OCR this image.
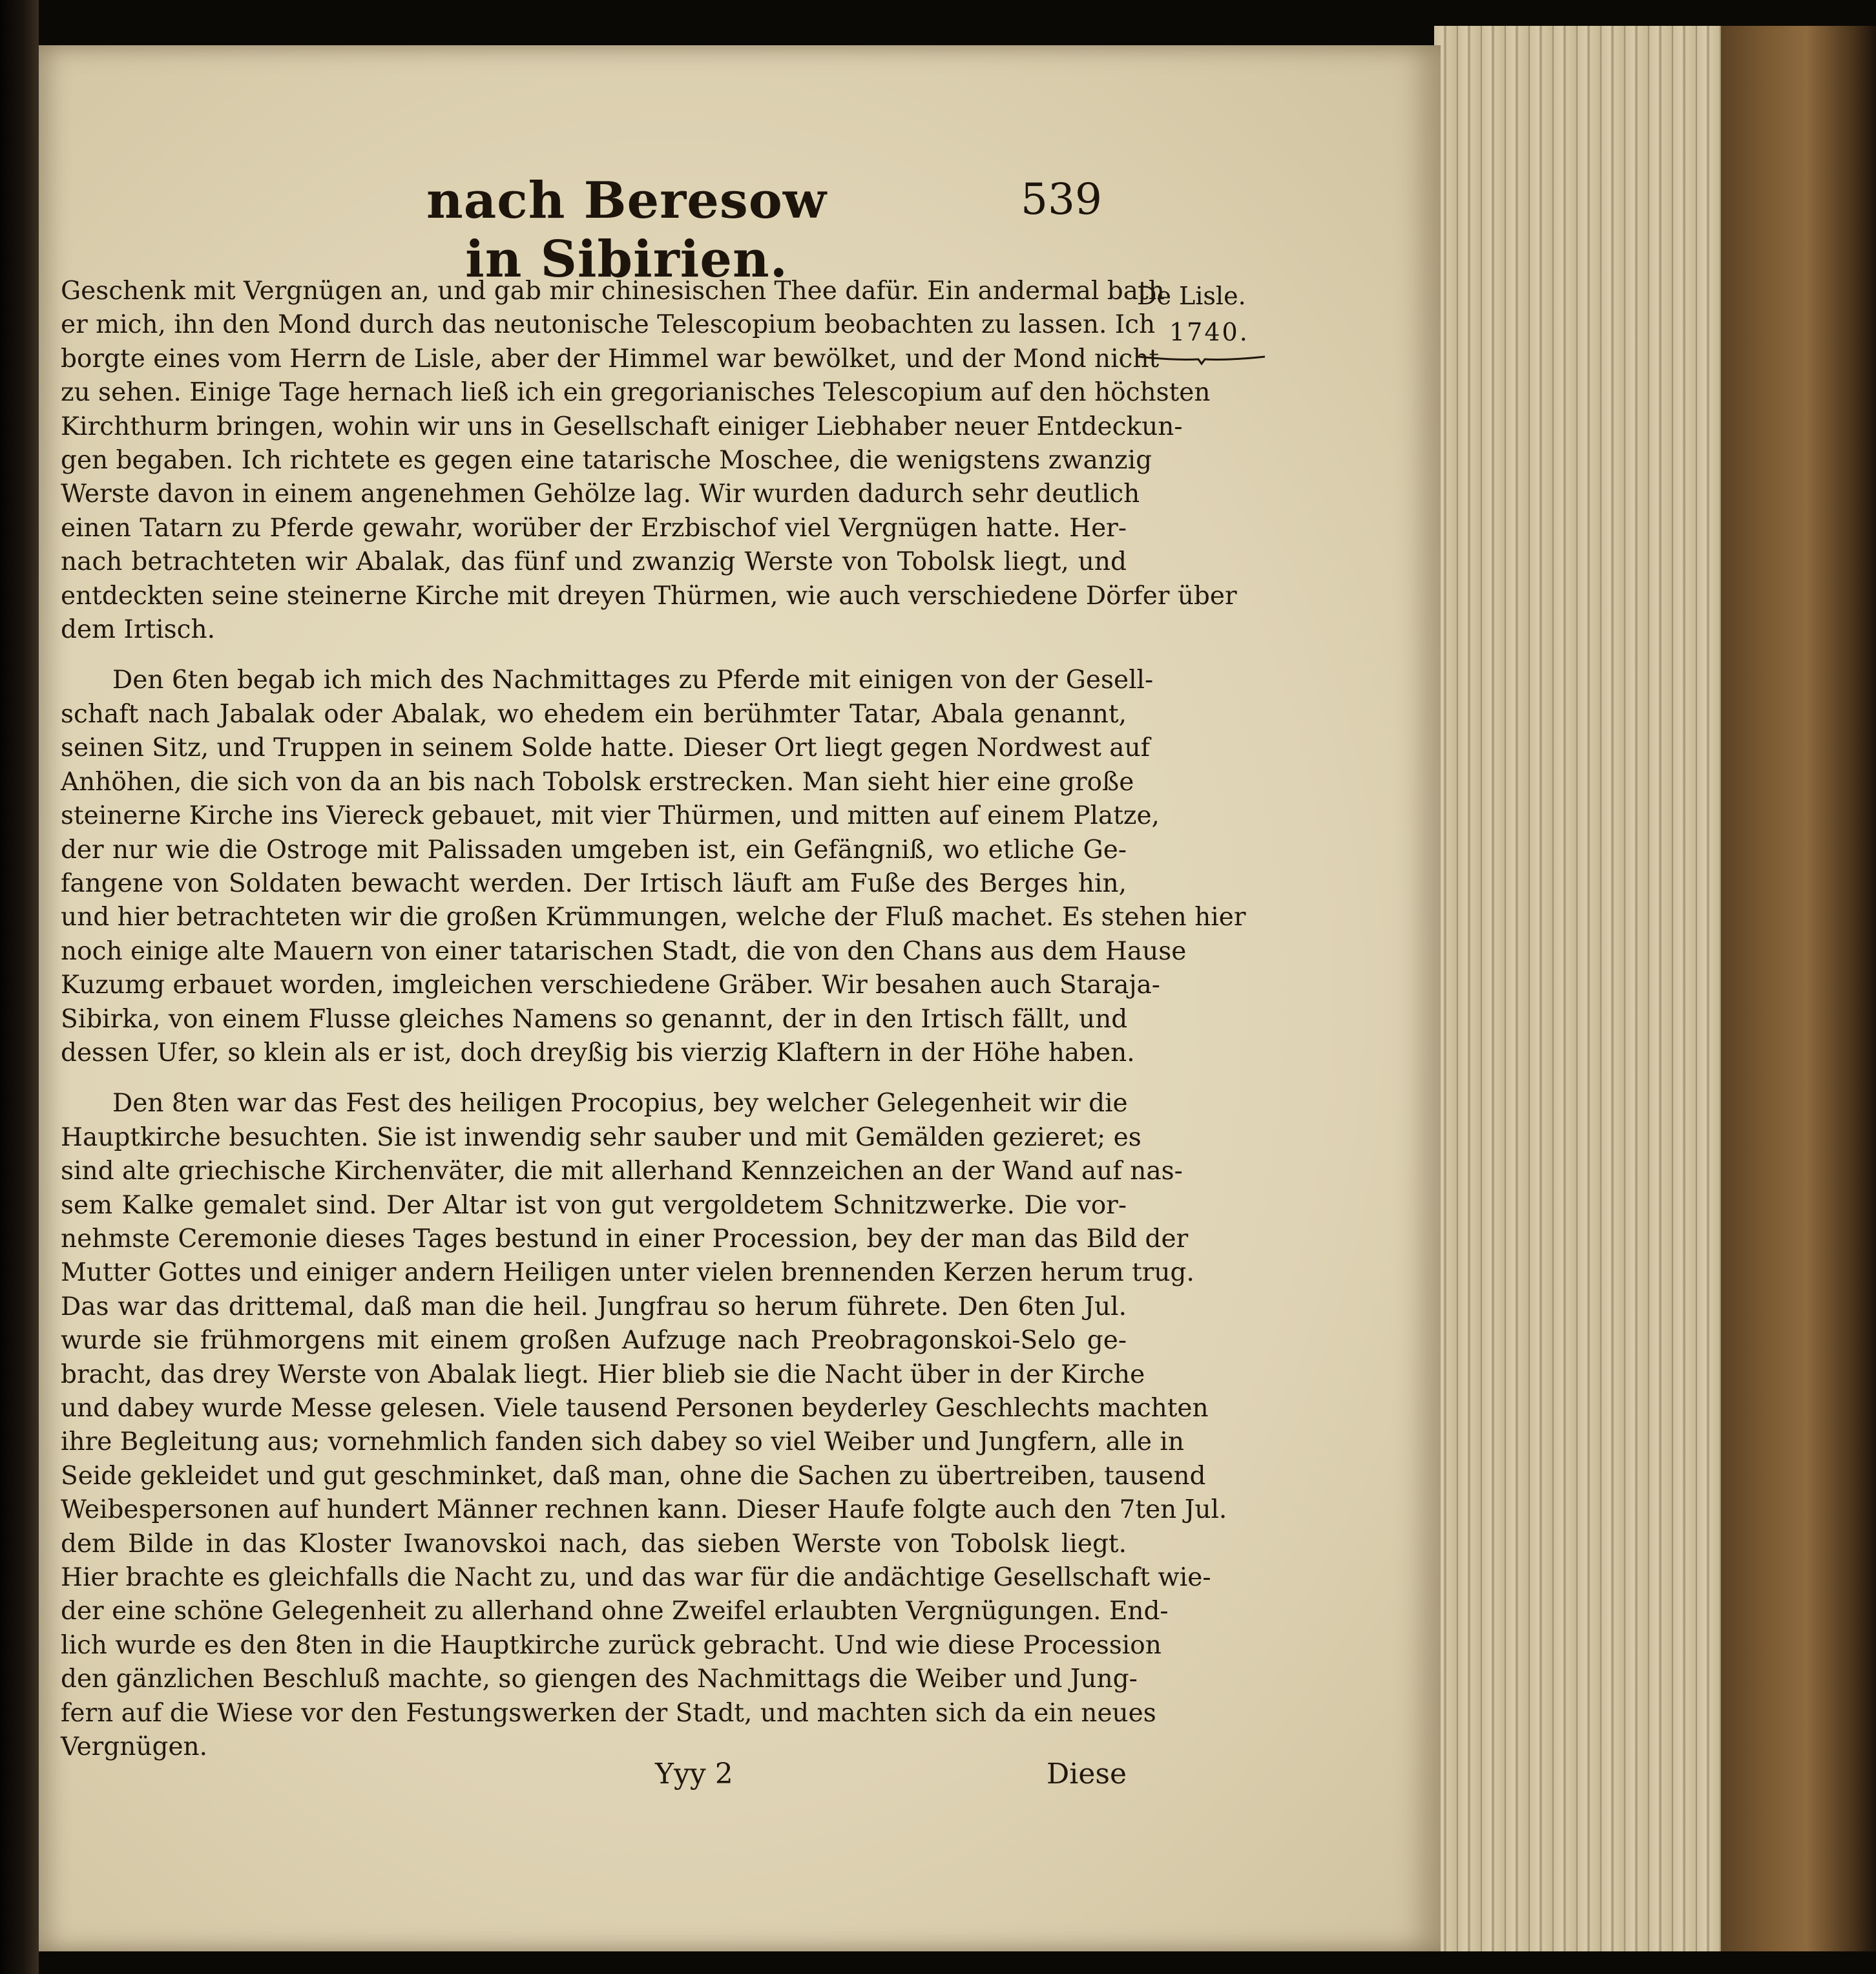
nach Beresow in Sibirien.
539
De Lisle.
1740.
Geschenk mit Vergnügen an, und gab mir chinesischen Thee dafür. Ein andermal bath
er mich, ihn den Mond durch das neutonische Telescopium beobachten zu lassen. Ich
borgte eines vom Herrn de Lisle, aber der Himmel war bewölket, und der Mond nicht
zu sehen. Einige Tage hernach ließ ich ein gregorianisches Telescopium auf den höchsten
Kirchthurm bringen, wohin wir uns in Gesellschaft einiger Liebhaber neuer Entdeckun-
gen begaben. Ich richtete es gegen eine tatarische Moschee, die wenigstens zwanzig
Werste davon in einem angenehmen Gehölze lag. Wir wurden dadurch sehr deutlich
einen Tatarn zu Pferde gewahr, worüber der Erzbischof viel Vergnügen hatte. Her-
nach betrachteten wir Abalak, das fünf und zwanzig Werste von Tobolsk liegt, und
entdeckten seine steinerne Kirche mit dreyen Thürmen, wie auch verschiedene Dörfer über
dem Irtisch.
Den 6ten begab ich mich des Nachmittages zu Pferde mit einigen von der Gesell-
schaft nach Jabalak oder Abalak, wo ehedem ein berühmter Tatar, Abala genannt,
seinen Sitz, und Truppen in seinem Solde hatte. Dieser Ort liegt gegen Nordwest auf
Anhöhen, die sich von da an bis nach Tobolsk erstrecken. Man sieht hier eine große
steinerne Kirche ins Viereck gebauet, mit vier Thürmen, und mitten auf einem Platze,
der nur wie die Ostroge mit Palissaden umgeben ist, ein Gefängniß, wo etliche Ge-
fangene von Soldaten bewacht werden. Der Irtisch läuft am Fuße des Berges hin,
und hier betrachteten wir die großen Krümmungen, welche der Fluß machet. Es stehen hier
noch einige alte Mauern von einer tatarischen Stadt, die von den Chans aus dem Hause
Kuzumg erbauet worden, imgleichen verschiedene Gräber. Wir besahen auch Staraja-
Sibirka, von einem Flusse gleiches Namens so genannt, der in den Irtisch fällt, und
dessen Ufer, so klein als er ist, doch dreyßig bis vierzig Klaftern in der Höhe haben.
Den 8ten war das Fest des heiligen Procopius, bey welcher Gelegenheit wir die
Hauptkirche besuchten. Sie ist inwendig sehr sauber und mit Gemälden gezieret; es
sind alte griechische Kirchenväter, die mit allerhand Kennzeichen an der Wand auf nas-
sem Kalke gemalet sind. Der Altar ist von gut vergoldetem Schnitzwerke. Die vor-
nehmste Ceremonie dieses Tages bestund in einer Procession, bey der man das Bild der
Mutter Gottes und einiger andern Heiligen unter vielen brennenden Kerzen herum trug.
Das war das drittemal, daß man die heil. Jungfrau so herum führete. Den 6ten Jul.
wurde sie frühmorgens mit einem großen Aufzuge nach Preobragonskoi-Selo ge-
bracht, das drey Werste von Abalak liegt. Hier blieb sie die Nacht über in der Kirche
und dabey wurde Messe gelesen. Viele tausend Personen beyderley Geschlechts machten
ihre Begleitung aus; vornehmlich fanden sich dabey so viel Weiber und Jungfern, alle in
Seide gekleidet und gut geschminket, daß man, ohne die Sachen zu übertreiben, tausend
Weibespersonen auf hundert Männer rechnen kann. Dieser Haufe folgte auch den 7ten Jul.
dem Bilde in das Kloster Iwanovskoi nach, das sieben Werste von Tobolsk liegt.
Hier brachte es gleichfalls die Nacht zu, und das war für die andächtige Gesellschaft wie-
der eine schöne Gelegenheit zu allerhand ohne Zweifel erlaubten Vergnügungen. End-
lich wurde es den 8ten in die Hauptkirche zurück gebracht. Und wie diese Procession
den gänzlichen Beschluß machte, so giengen des Nachmittags die Weiber und Jung-
fern auf die Wiese vor den Festungswerken der Stadt, und machten sich da ein neues
Vergnügen.
Yyy 2	Diese
